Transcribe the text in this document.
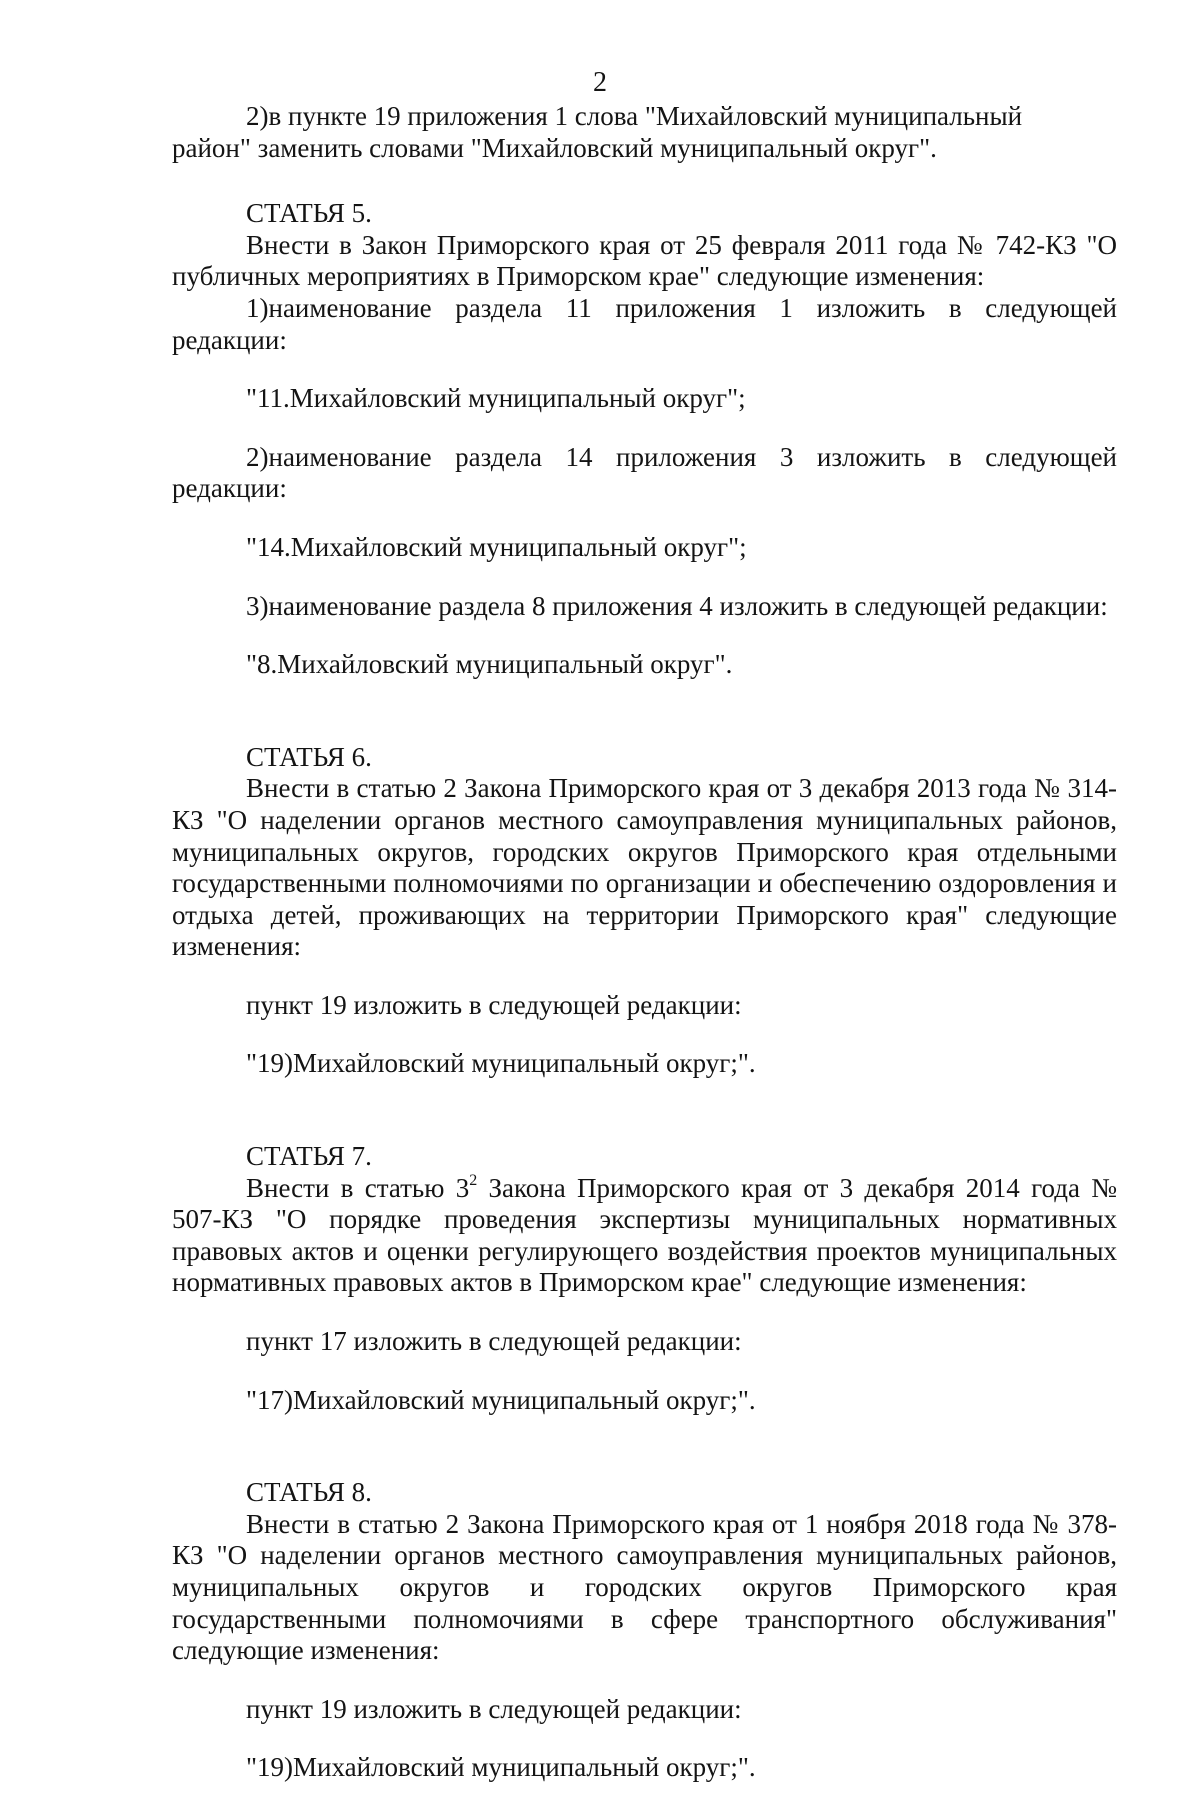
2

2)в пункте 19 приложения 1 слова "Михайловский муниципальный

район" заменить словами "Михайловский муниципальный округ".

СТАТЬЯ 5.

Внести в Закон Приморского края от 25 февраля 2011 года № 742-КЗ "О публичных мероприятиях в Приморском крае" следующие изменения:

1)наименование раздела 11 приложения 1 изложить в следующей редакции:

"11.Михайловский муниципальный округ";

2)наименование раздела 14 приложения 3 изложить в следующей редакции:

"14.Михайловский муниципальный округ";

3)наименование раздела 8 приложения 4 изложить в следующей редакции:

"8.Михайловский муниципальный округ".

СТАТЬЯ 6.

Внести в статью 2 Закона Приморского края от 3 декабря 2013 года № 314-КЗ "О наделении органов местного самоуправления муниципальных районов, муниципальных округов, городских округов Приморского края отдельными государственными полномочиями по организации и обеспечению оздоровления и отдыха детей, проживающих на территории Приморского края" следующие изменения:

пункт 19 изложить в следующей редакции:

"19)Михайловский муниципальный округ;".

СТАТЬЯ 7.

Внести в статью $3^2$ Закона Приморского края от 3 декабря 2014 года № 507-КЗ "О порядке проведения экспертизы муниципальных нормативных правовых актов и оценки регулирующего воздействия проектов муниципальных нормативных правовых актов в Приморском крае" следующие изменения:

пункт 17 изложить в следующей редакции:

"17)Михайловский муниципальный округ;".

СТАТЬЯ 8.

Внести в статью 2 Закона Приморского края от 1 ноября 2018 года № 378-КЗ "О наделении органов местного самоуправления муниципальных районов, муниципальных округов и городских округов Приморского края государственными полномочиями в сфере транспортного обслуживания" следующие изменения:

пункт 19 изложить в следующей редакции:

"19)Михайловский муниципальный округ;".
